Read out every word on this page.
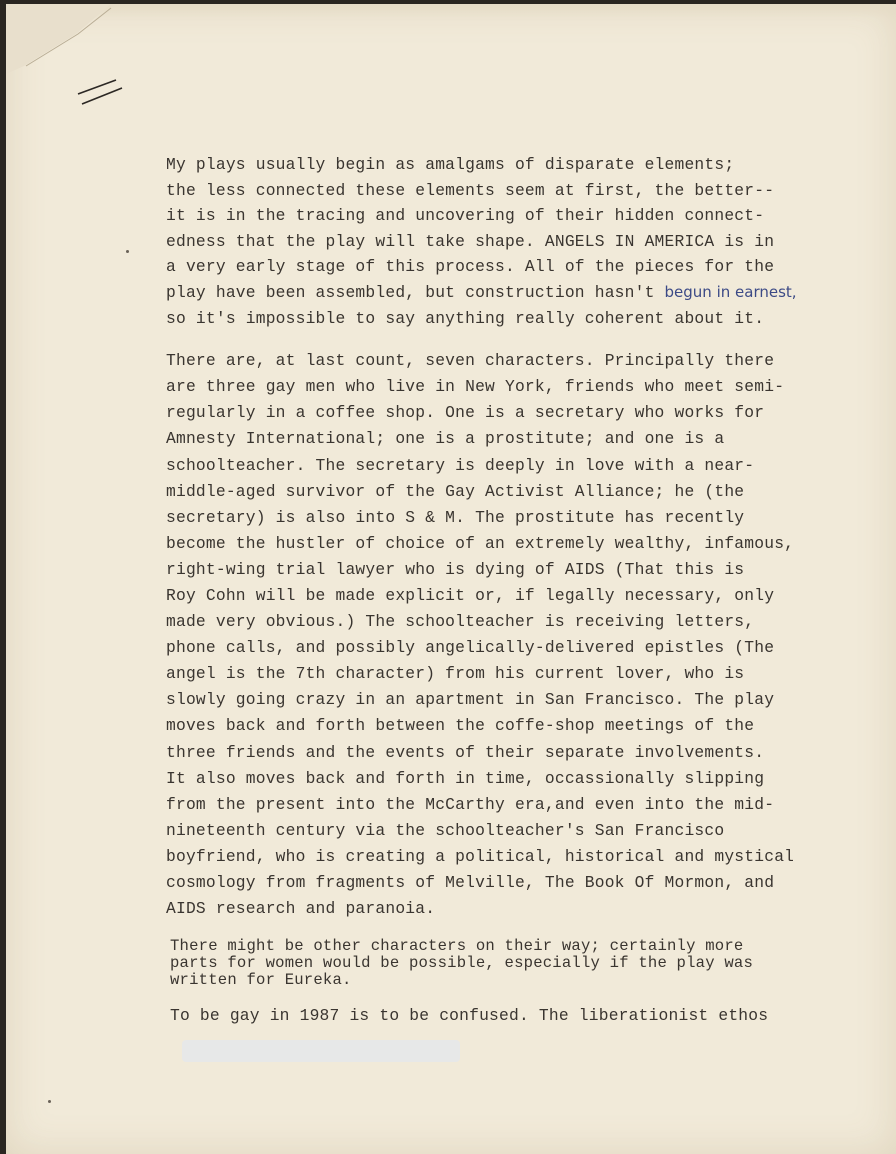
My plays usually begin as amalgams of disparate elements;
the less connected these elements seem at first, the better--
it is in the tracing and uncovering of their hidden connect-
edness that the play will take shape. ANGELS IN AMERICA is in
a very early stage of this process. All of the pieces for the
play have been assembled, but construction hasn't begun in earnest,
so it's impossible to say anything really coherent about it.

There are, at last count, seven characters. Principally there
are three gay men who live in New York, friends who meet semi-
regularly in a coffee shop. One is a secretary who works for
Amnesty International; one is a prostitute; and one is a
schoolteacher. The secretary is deeply in love with a near-
middle-aged survivor of the Gay Activist Alliance; he (the
secretary) is also into S & M. The prostitute has recently
become the hustler of choice of an extremely wealthy, infamous,
right-wing trial lawyer who is dying of AIDS (That this is
Roy Cohn will be made explicit or, if legally necessary, only
made very obvious.) The schoolteacher is receiving letters,
phone calls, and possibly angelically-delivered epistles (The
angel is the 7th character) from his current lover, who is
slowly going crazy in an apartment in San Francisco. The play
moves back and forth between the coffe-shop meetings of the
three friends and the events of their separate involvements.
It also moves back and forth in time, occassionally slipping
from the present into the McCarthy era,and even into the mid-
nineteenth century via the schoolteacher's San Francisco
boyfriend, who is creating a political, historical and mystical
cosmology from fragments of Melville, The Book Of Mormon, and
AIDS research and paranoia.

There might be other characters on their way; certainly more
parts for women would be possible, especially if the play was
written for Eureka.

To be gay in 1987 is to be confused. The liberationist ethos
